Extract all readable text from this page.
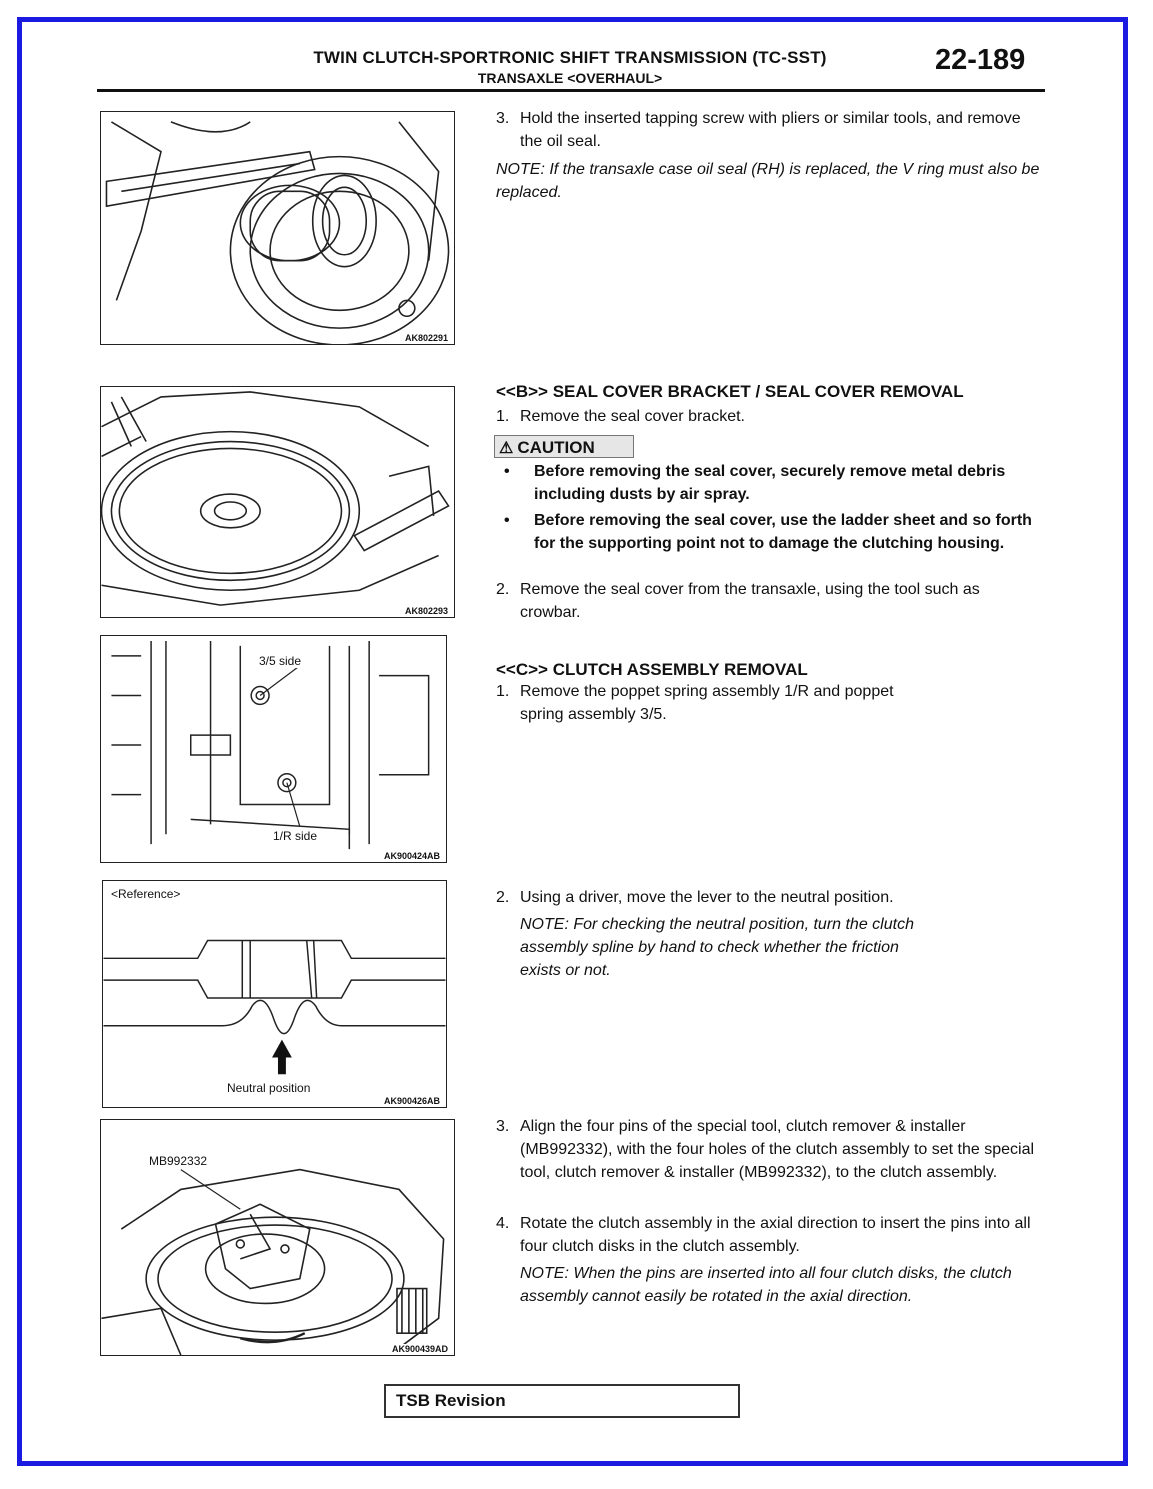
TWIN CLUTCH-SPORTRONIC SHIFT TRANSMISSION (TC-SST)
TRANSAXLE <OVERHAUL>
22-189
AK802291
AK802293
3/5 side
1/R side
AK900424AB
<Reference>
Neutral position
AK900426AB
MB992332
AK900439AD
3. Hold the inserted tapping screw with pliers or similar tools, and remove the oil seal.
NOTE: If the transaxle case oil seal (RH) is replaced, the V ring must also be replaced.
<<B>> SEAL COVER BRACKET / SEAL COVER REMOVAL
1. Remove the seal cover bracket.
⚠ CAUTION
• Before removing the seal cover, securely remove metal debris including dusts by air spray.
• Before removing the seal cover, use the ladder sheet and so forth for the supporting point not to damage the clutching housing.
2. Remove the seal cover from the transaxle, using the tool such as crowbar.
<<C>> CLUTCH ASSEMBLY REMOVAL
1. Remove the poppet spring assembly 1/R and poppet spring assembly 3/5.
2. Using a driver, move the lever to the neutral position.
NOTE: For checking the neutral position, turn the clutch assembly spline by hand to check whether the friction exists or not.
3. Align the four pins of the special tool, clutch remover & installer (MB992332), with the four holes of the clutch assembly to set the special tool, clutch remover & installer (MB992332), to the clutch assembly.
4. Rotate the clutch assembly in the axial direction to insert the pins into all four clutch disks in the clutch assembly.
NOTE: When the pins are inserted into all four clutch disks, the clutch assembly cannot easily be rotated in the axial direction.
TSB Revision
